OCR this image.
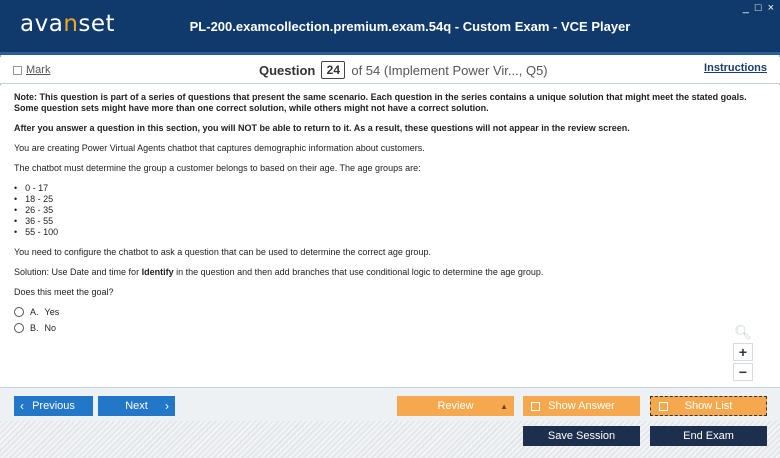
avanset	PL-200.examcollection.premium.exam.54q - Custom Exam - VCE Player
_ □ ×
Mark	Question 24 of 54 (Implement Power Vir..., Q5)	Instructions

Note: This question is part of a series of questions that present the same scenario. Each question in the series contains a unique solution that might meet the stated goals. Some question sets might have more than one correct solution, while others might not have a correct solution.

After you answer a question in this section, you will NOT be able to return to it. As a result, these questions will not appear in the review screen.

You are creating Power Virtual Agents chatbot that captures demographic information about customers.

The chatbot must determine the group a customer belongs to based on their age. The age groups are:

• 0 - 17
• 18 - 25
• 26 - 35
• 36 - 55
• 55 - 100

You need to configure the chatbot to ask a question that can be used to determine the correct age group.

Solution: Use Date and time for Identify in the question and then add branches that use conditional logic to determine the age group.

Does this meet the goal?

A. Yes
B. No	🔍︎
+
−
‹ Previous	Next ›	Review	▲	Show Answer	Show List
Save Session	End Exam
